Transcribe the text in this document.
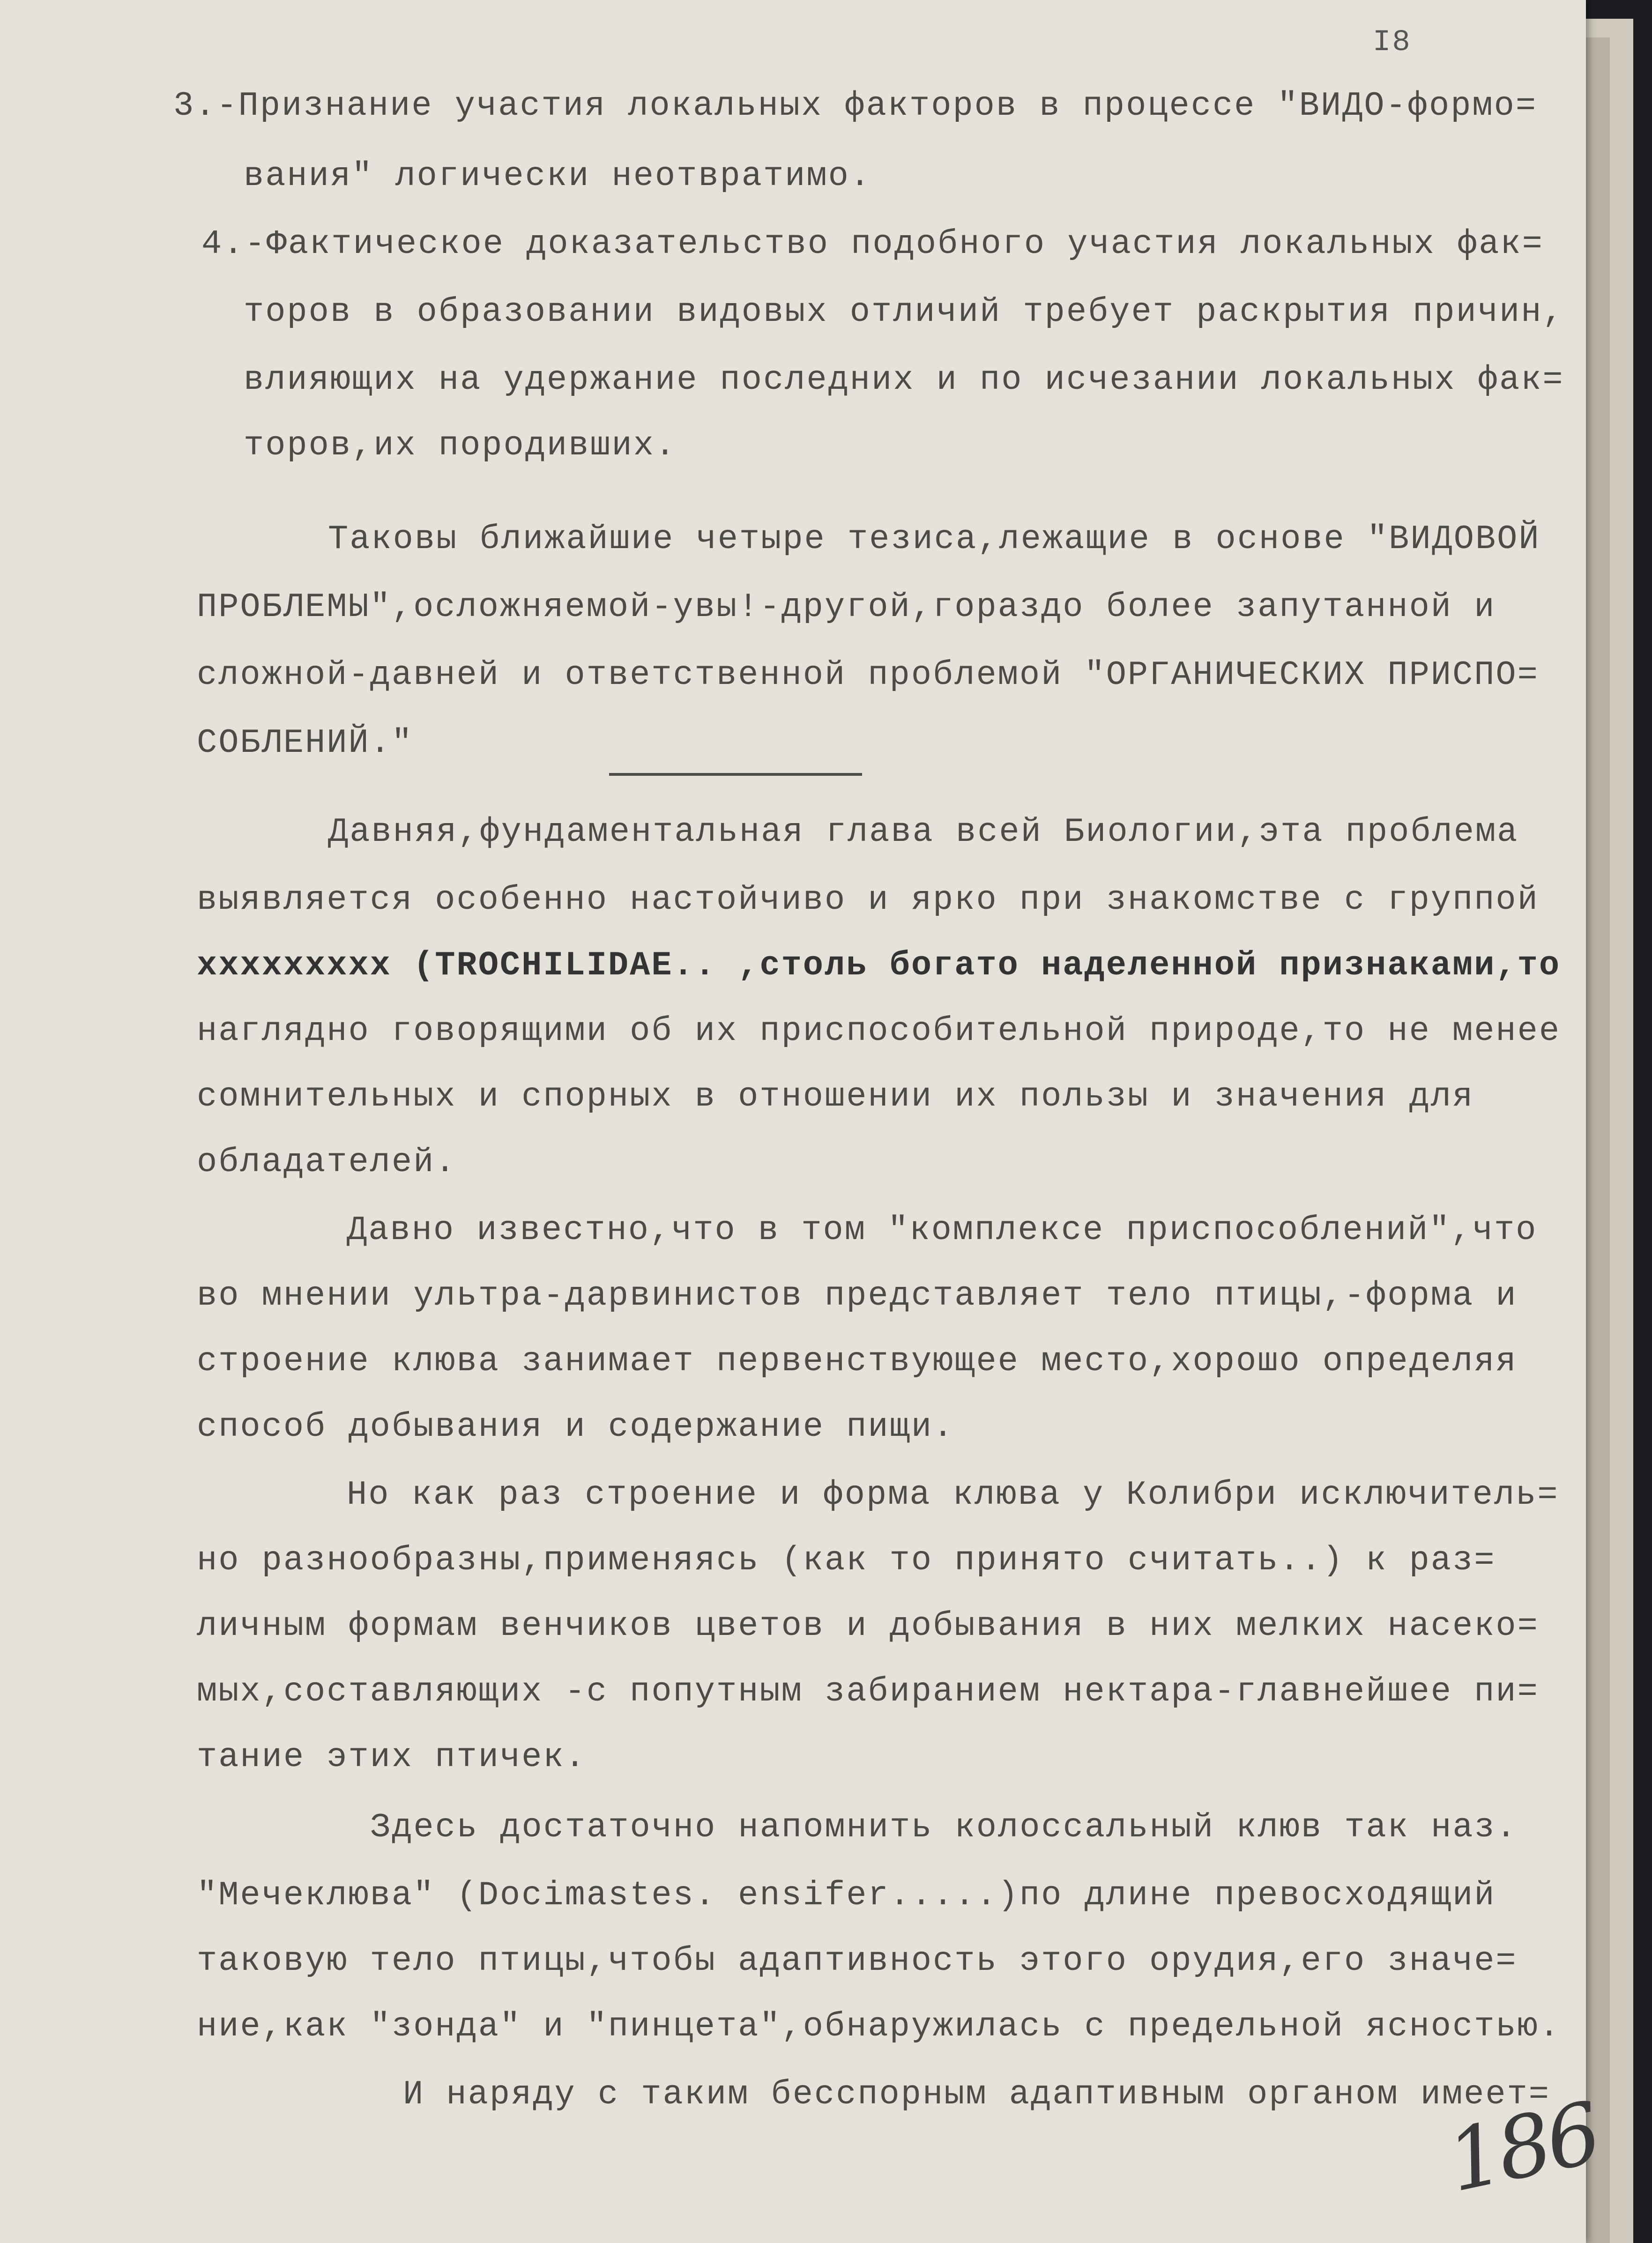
I8
3.-Признание участия локальных факторов в процессе "ВИДО-формо=
вания" логически неотвратимо.
4.-Фактическое доказательство подобного участия локальных фак=
торов в образовании видовых отличий требует раскрытия причин,
влияющих на удержание последних и по исчезании локальных фак=
торов,их породивших.
Таковы ближайшие четыре тезиса,лежащие в основе "ВИДОВОЙ
ПРОБЛЕМЫ",осложняемой-увы!-другой,гораздо более запутанной и
сложной-давней и ответственной проблемой "ОРГАНИЧЕСКИХ ПРИСПО=
СОБЛЕНИЙ."
Давняя,фундаментальная глава всей Биологии,эта проблема
выявляется особенно настойчиво и ярко при знакомстве с группой
xxxxxxxxx (TROCHILIDAE.. ,столь богато наделенной признаками,то
наглядно говорящими об их приспособительной природе,то не менее
сомнительных и спорных в отношении их пользы и значения для
обладателей.
Давно известно,что в том "комплексе приспособлений",что
во мнении ультра-дарвинистов представляет тело птицы,-форма и
строение клюва занимает первенствующее место,хорошо определяя
способ добывания и содержание пищи.
Но как раз строение и форма клюва у Колибри исключитель=
но разнообразны,применяясь (как то принято считать..) к раз=
личным формам венчиков цветов и добывания в них мелких насеко=
мых,составляющих -с попутным забиранием нектара-главнейшее пи=
тание этих птичек.
Здесь достаточно напомнить колоссальный клюв так наз.
"Мечеклюва" (Docimastes. ensifer.....)по длине превосходящий
таковую тело птицы,чтобы адаптивность этого орудия,его значе=
ние,как "зонда" и "пинцета",обнаружилась с предельной ясностью.
И наряду с таким бесспорным адаптивным органом имеет=
186
